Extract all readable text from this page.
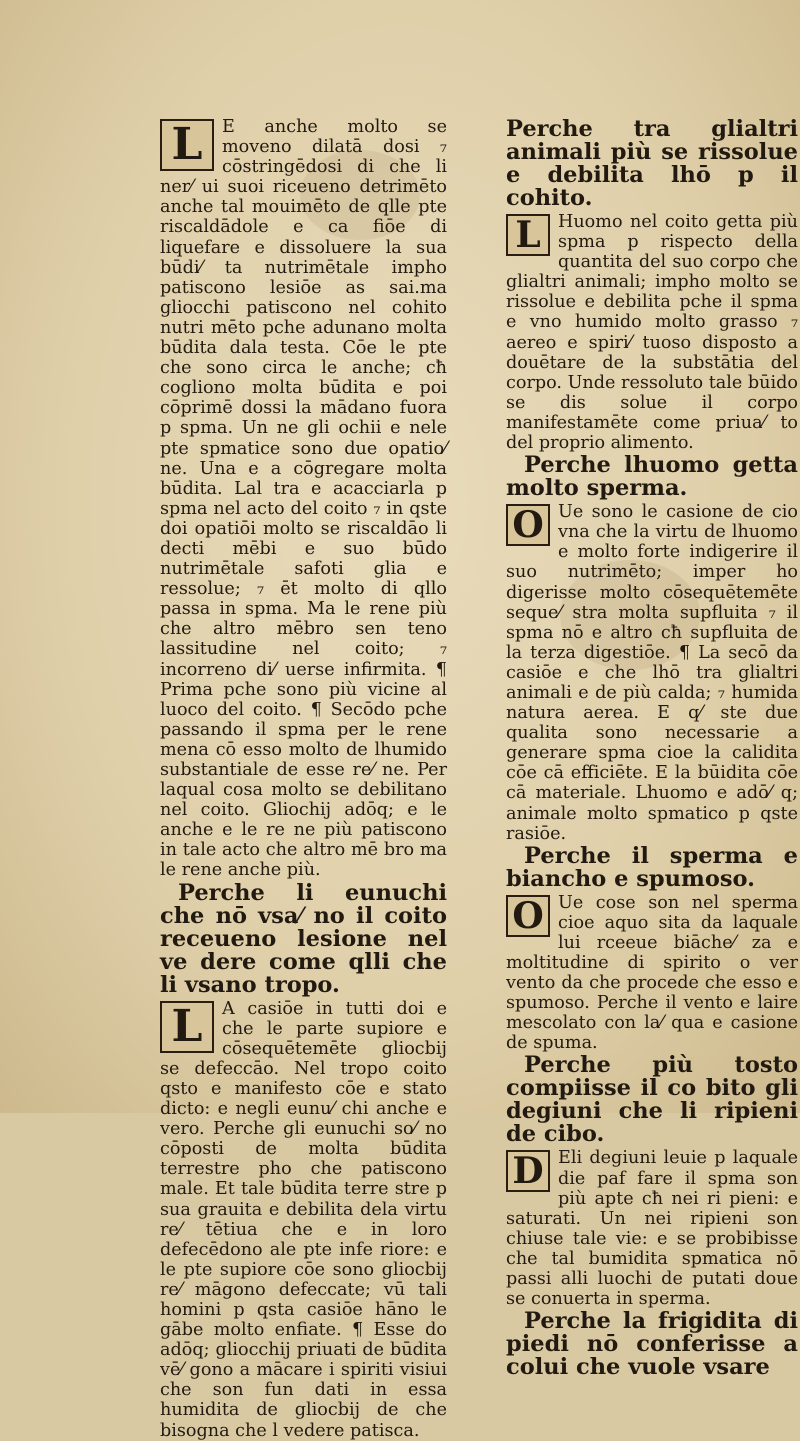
L	E anche molto se moveno dilatā dosi ₇ cōstringēdosi di che li ner⁄ ui suoi riceueno detrimēto anche tal mouimēto de qlle pte riscaldādole e ca fiōe di liquefare e dissoluere la sua būdi⁄ ta nutrimētale impho patiscono lesiōe as sai.ma gliocchi patiscono nel cohito nutri mēto pche adunano molta būdita dala testa. Cōe le pte che sono circa le anche; cħ cogliono molta būdita e poi cōprimē dossi la mādano fuora p spma. Un ne gli ochii e nele pte spmatice sono due opatio⁄ ne. Una e a cōgregare molta būdita. Lal tra e acacciarla p spma nel acto del coito ₇ in qste doi opatiōi molto se riscaldāo li decti mēbi e suo būdo nutrimētale safoti glia e ressolue; ₇ ēt molto di qllo passa in spma. Ma le rene più che altro mēbro sen teno lassitudine nel coito; ₇ incorreno di⁄ uerse infirmita. ¶ Prima pche sono più vicine al luoco del coito. ¶ Secōdo pche passando il spma per le rene mena cō esso molto de lhumido substantiale de esse re⁄ ne. Per laqual cosa molto se debilitano nel coito. Gliochij adōq; e le anche e le re ne più patiscono in tale acto che altro mē bro ma le rene anche più.

Perche li eunuchi che nō vsa⁄ no il coito receueno lesione nel ve dere come qlli che li vsano tropo.

L	A casiōe in tutti doi e che le parte supiore e cōsequētemēte gliocbij se defeccāo. Nel tropo coito qsto e manifesto cōe e stato dicto: e negli eunu⁄ chi anche e vero. Perche gli eunuchi so⁄ no cōposti de molta būdita terrestre pho che patiscono male. Et tale būdita terre stre p sua grauita e debilita dela virtu re⁄ tētiua che e in loro defecēdono ale pte infe riore: e le pte supiore cōe sono gliocbij re⁄ māgono defeccate; vū tali homini p qsta casiōe hāno le gābe molto enfiate. ¶ Esse do adōq; gliocchij priuati de būdita vē⁄ gono a mācare i spiriti visiui che son fun dati in essa humidita de gliocbij de che bisogna che l vedere patisca.

Perche tra glialtri animali più se rissolue e debilita lhō p il cohito.

L Huomo nel coito getta più spma p rispecto della quantita del suo corpo che glialtri animali; impho molto se rissolue e debilita pche il spma e vno humido molto grasso ₇ aereo e spiri⁄ tuoso disposto a douētare de la substātia del corpo. Unde ressoluto tale būido se dis solue il corpo manifestamēte come priua⁄ to del proprio alimento.

Perche lhuomo getta molto sperma.

O Ue sono le casione de cio vna che la virtu de lhuomo e molto forte indigerire il suo nutrimēto; imper ho digerisse molto cōsequētemēte seque⁄ stra molta supfluita ₇ il spma nō e altro cħ supfluita de la terza digestiōe. ¶ La secō da casiōe e che lhō tra glialtri animali e de più calda; ₇ humida natura aerea. E q⁄ ste due qualita sono necessarie a generare spma cioe la calidita cōe cā efficiēte. E la būidita cōe cā materiale. Lhuomo e adō⁄ q; animale molto spmatico p qste rasiōe.

Perche il sperma e biancho e spumoso.

O Ue cose son nel sperma cioe aquo sita da laquale lui rceeue biāche⁄ za e moltitudine di spirito o ver vento da che procede che esso e spumoso. Perche il vento e laire mescolato con la⁄ qua e casione de spuma.

Perche più tosto compiisse il co bito gli degiuni che li ripieni de cibo.

D Eli degiuni leuie p laquale die paf fare il spma son più apte cħ nei ri pieni: e saturati. Un nei ripieni son chiuse tale vie: e se probibisse che tal bumidita spmatica nō passi alli luochi de putati doue se conuerta in sperma.

Perche la frigidita di piedi nō conferisse a colui che vuole vsare
